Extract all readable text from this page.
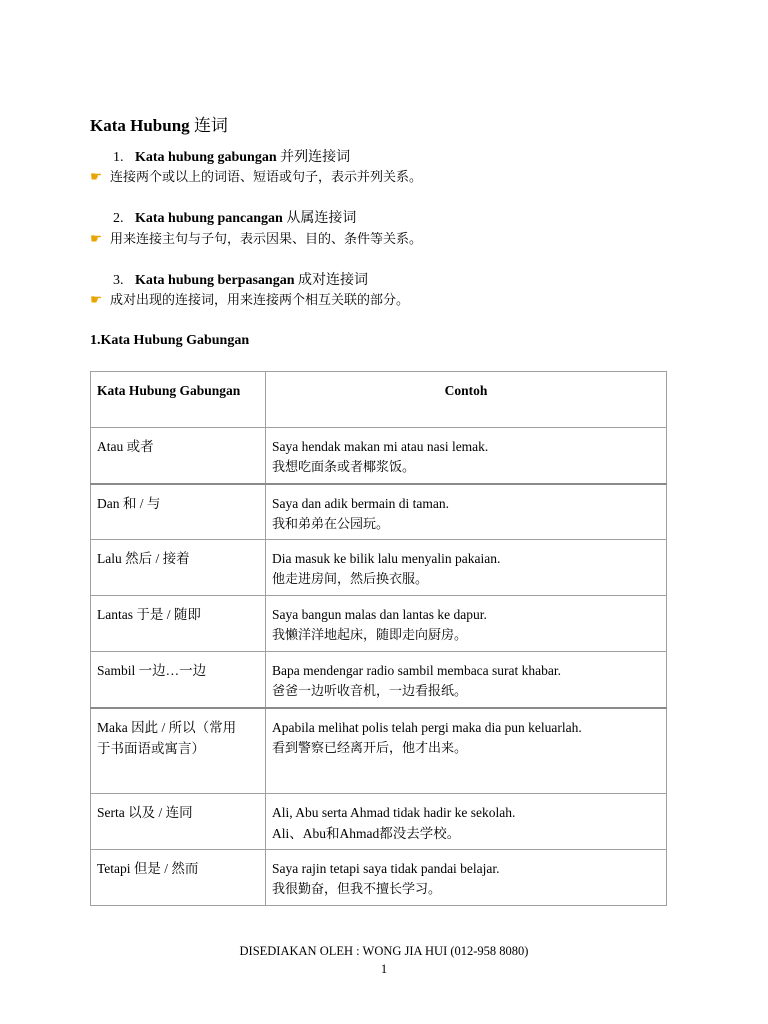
Kata Hubung 连词
1. Kata hubung gabungan 并列连接词
☛ 连接两个或以上的词语、短语或句子，表示并列关系。
2. Kata hubung pancangan 从属连接词
☛ 用来连接主句与子句，表示因果、目的、条件等关系。
3. Kata hubung berpasangan 成对连接词
☛ 成对出现的连接词，用来连接两个相互关联的部分。
1.Kata Hubung Gabungan
Kata Hubung Gabungan	Contoh

Atau 或者	Saya hendak makan mi atau nasi lemak.
我想吃面条或者椰浆饭。

Dan 和 / 与	Saya dan adik bermain di taman.
我和弟弟在公园玩。

Lalu 然后 / 接着	Dia masuk ke bilik lalu menyalin pakaian.
他走进房间，然后换衣服。

Lantas 于是 / 随即	Saya bangun malas dan lantas ke dapur.
我懒洋洋地起床，随即走向厨房。

Sambil 一边…一边	Bapa mendengar radio sambil membaca surat khabar.
爸爸一边听收音机，一边看报纸。

Maka 因此 / 所以（常用
于书面语或寓言）	Apabila melihat polis telah pergi maka dia pun keluarlah.
看到警察已经离开后，他才出来。

Serta 以及 / 连同	Ali, Abu serta Ahmad tidak hadir ke sekolah.
Ali、Abu和Ahmad都没去学校。

Tetapi 但是 / 然而	Saya rajin tetapi saya tidak pandai belajar.
我很勤奋，但我不擅长学习。
DISEDIAKAN OLEH : WONG JIA HUI (012-958 8080)
1
